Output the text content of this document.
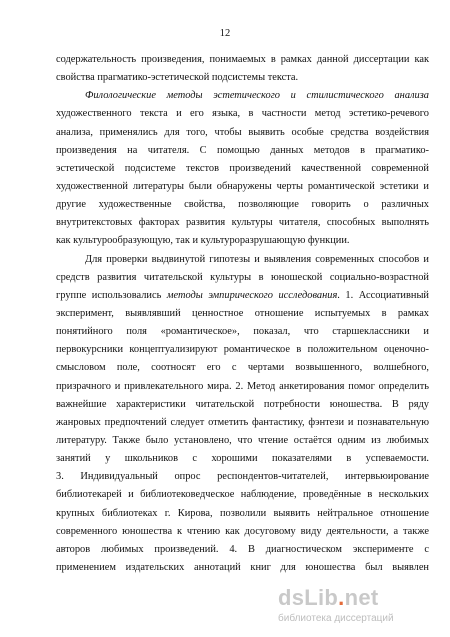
12
содержательность произведения, понимаемых в рамках данной диссертации как
свойства прагматико-эстетической подсистемы текста.
Филологические методы эстетического и стилистического анализа
художественного текста и его языка, в частности метод эстетико-речевого
анализа, применялись для того, чтобы выявить особые средства воздействия
произведения на читателя. С помощью данных методов в прагматико-
эстетической подсистеме текстов произведений качественной современной
художественной литературы были обнаружены черты романтической эстетики и
другие художественные свойства, позволяющие говорить о различных
внутритекстовых факторах развития культуры читателя, способных выполнять
как культурообразующую, так и культуроразрушающую функции.
Для проверки выдвинутой гипотезы и выявления современных способов и
средств развития читательской культуры в юношеской социально-возрастной
группе использовались методы эмпирического исследования. 1. Ассоциативный
эксперимент, выявлявший ценностное отношение испытуемых в рамках
понятийного поля «романтическое», показал, что старшеклассники и
первокурсники концептуализируют романтическое в положительном оценочно-
смысловом поле, соотносят его с чертами возвышенного, волшебного,
призрачного и привлекательного мира. 2. Метод анкетирования помог определить
важнейшие характеристики читательской потребности юношества. В ряду
жанровых предпочтений следует отметить фантастику, фэнтези и познавательную
литературу. Также было установлено, что чтение остаётся одним из любимых
занятий у школьников с хорошими показателями в успеваемости.
3. Индивидуальный опрос респондентов-читателей, интервьюирование
библиотекарей и библиотековедческое наблюдение, проведённые в нескольких
крупных библиотеках г. Кирова, позволили выявить нейтральное отношение
современного юношества к чтению как досуговому виду деятельности, а также
авторов любимых произведений. 4. В диагностическом эксперименте с
применением издательских аннотаций книг для юношества был выявлен
dsLib.net
библиотека диссертаций
